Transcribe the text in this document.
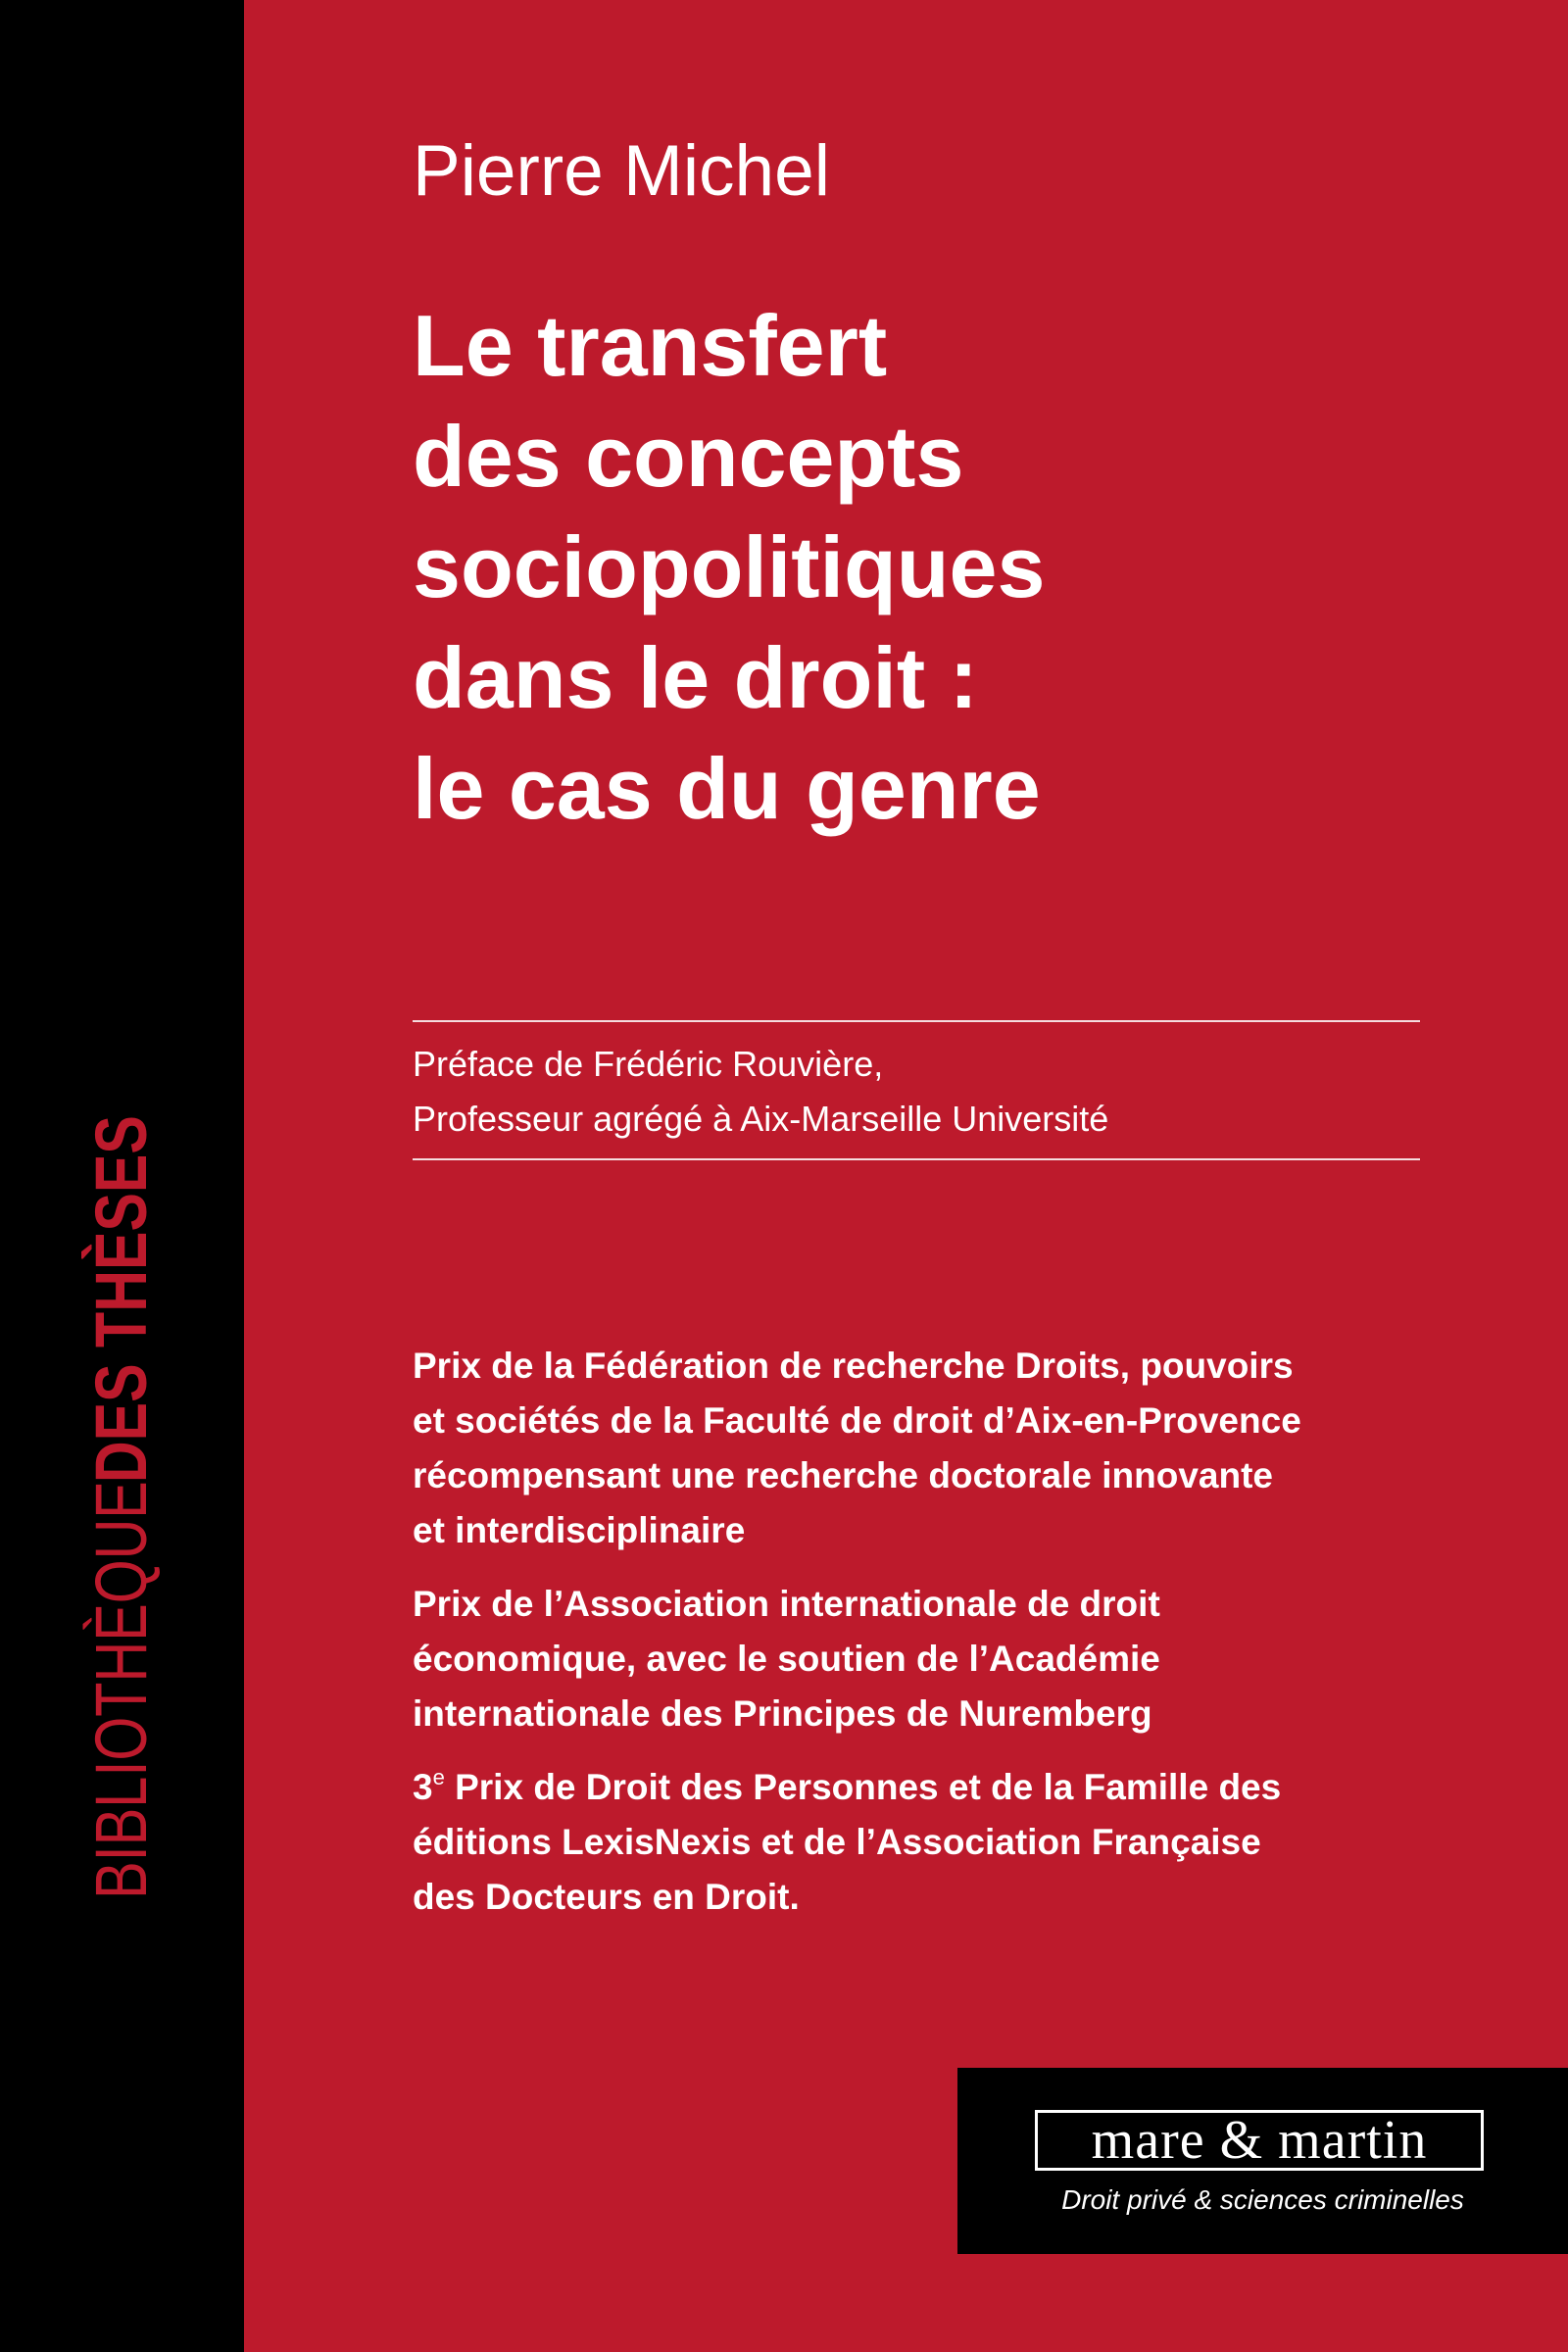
BIBLIOTHÈQUE DES THÈSES

Pierre Michel

Le transfert
des concepts
sociopolitiques
dans le droit :
le cas du genre

Préface de Frédéric Rouvière,
Professeur agrégé à Aix-Marseille Université

Prix de la Fédération de recherche Droits, pouvoirs
et sociétés de la Faculté de droit d’Aix-en-Provence
récompensant une recherche doctorale innovante
et interdisciplinaire
Prix de l’Association internationale de droit
économique, avec le soutien de l’Académie
internationale des Principes de Nuremberg
3e Prix de Droit des Personnes et de la Famille des
éditions LexisNexis et de l’Association Française
des Docteurs en Droit.
mare & martin
Droit privé & sciences criminelles
